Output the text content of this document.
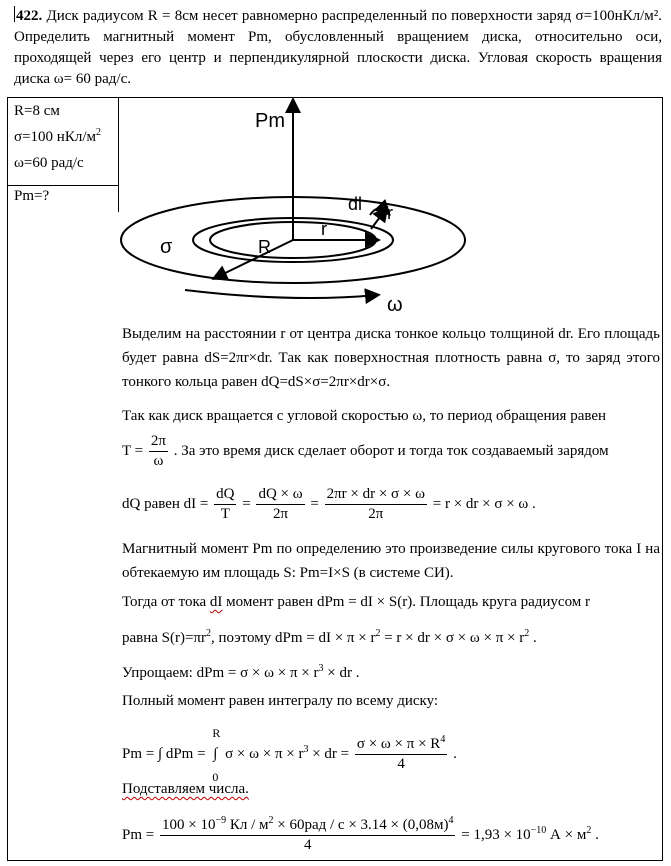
422. Диск радиусом R = 8см несет равномерно распределенный по поверхности заряд σ=100нКл/м². Определить магнитный момент Pm, обусловленный вращением диска, относительно оси, проходящей через его центр и перпендикулярной плоскости диска. Угловая скорость вращения диска ω= 60 рад/с.
R=8 см
σ=100 нКл/$м^2$
ω=60 рад/с
Pm=?
Pm
dl dr
σ	R
r
ω
Выделим на расстоянии r от центра диска тонкое кольцо толщиной dr. Его площадь будет равна dS=2πr×dr. Так как поверхностная плотность равна σ, то заряд этого тонкого кольца равен dQ=dS×σ=2πr×dr×σ.
Так как диск вращается с угловой скоростью ω, то период обращения равен
$T = \frac{2\pi}{\omega}$ . За это время диск сделает оборот и тогда ток создаваемый зарядом
dQ равен dI = $\frac{dQ}{T} = \frac{dQ \times \omega}{2\pi} = \frac{2\pi r \times dr \times \sigma \times \omega}{2\pi} = r$ × dr × σ × ω .
Магнитный момент Pm по определению это произведение силы кругового тока I на обтекаемую им площадь S: Pm=I×S (в системе СИ).
Тогда от тока dI момент равен dPm = dI × S(r). Площадь круга радиусом r
равна $S(r)=\pi r^2$, поэтому dPm = dI × $\pi \times r^2 = r$ × dr × $\sigma \times \omega \times \pi \times r^2$ .
Упрощаем: dPm = $\sigma \times \omega \times \pi \times r^3$ × dr .
Полный момент равен интегралу по всему диску:
Pm = ∫ dPm = ∫
R
0
$\sigma \times \omega \times \pi \times r^3$ × dr = $\frac{\sigma \times \omega \times \pi \times R^4}{4}$ .
Подставляем числа.
$Pm = \frac{100 \times 10^{-9} Кл / м^2 \times 60рад / с \times 3.14 \times (0,08м)^4}{4} = 1,93 \times 10^{-10}$ $А \times м^2$ .
